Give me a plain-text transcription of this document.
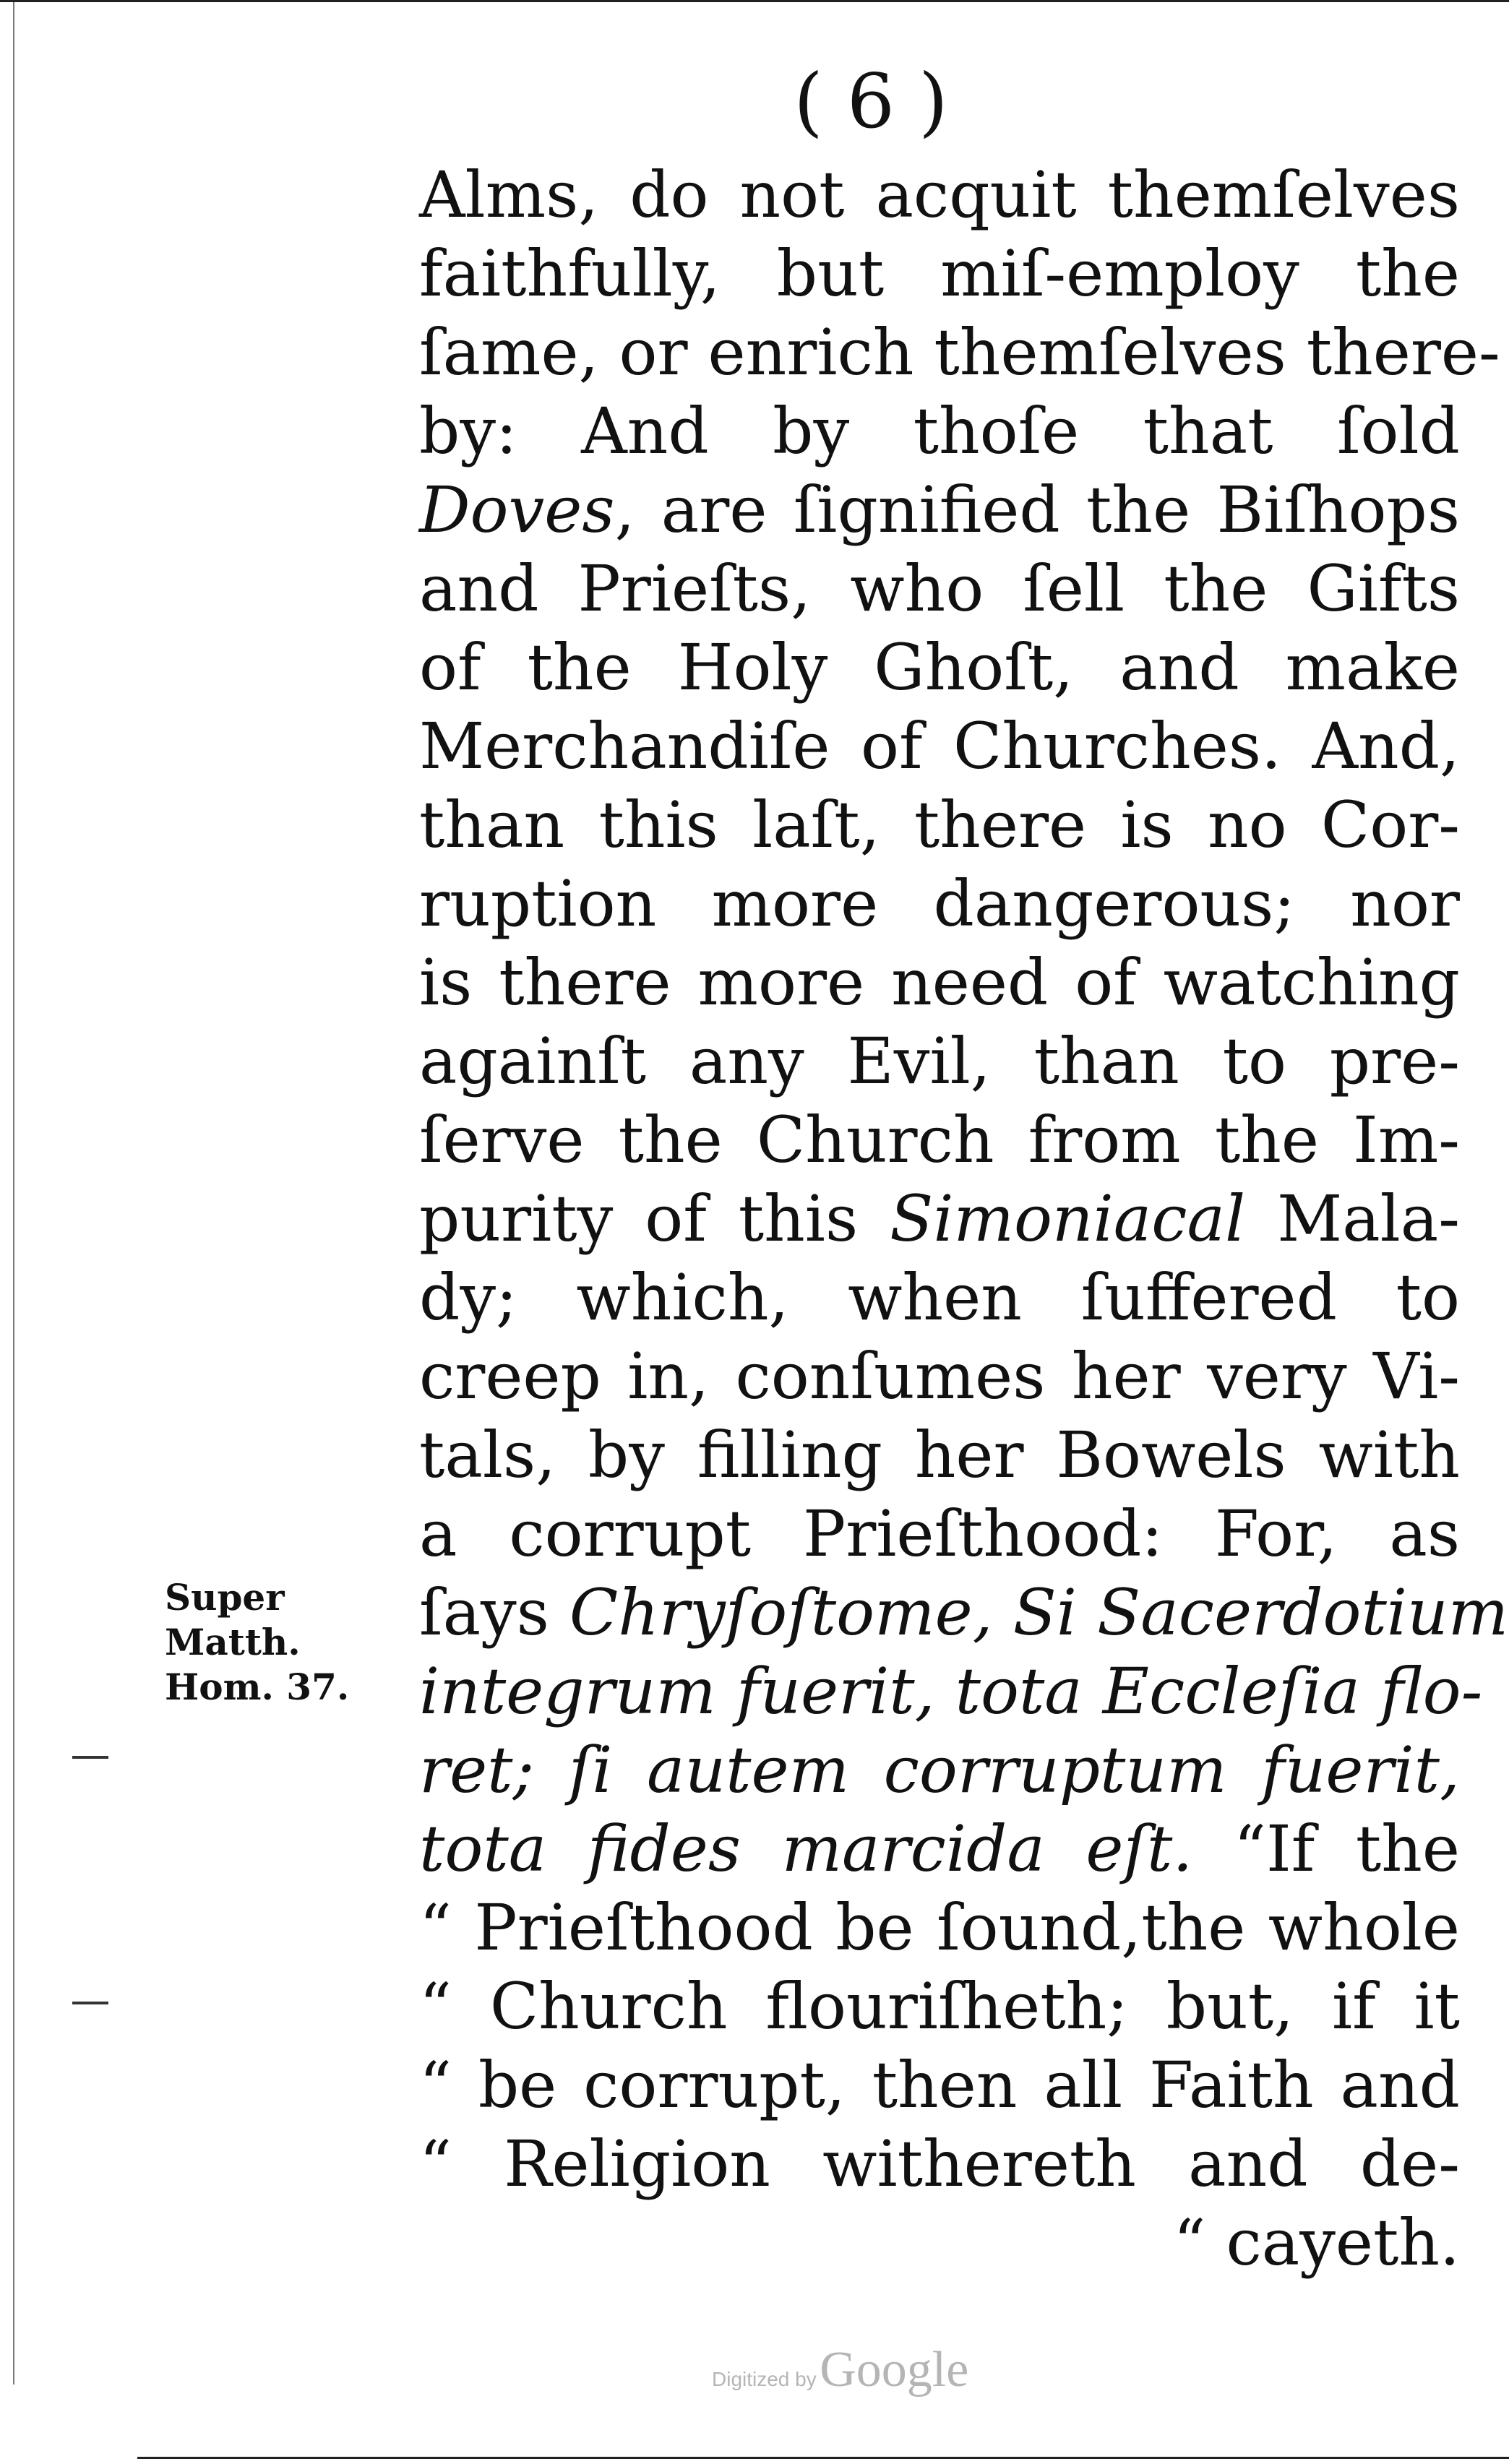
( 6 )
Alms, do not acquit themſelves
faithfully, but miſ-employ the
ſame, or enrich themſelves there-
by: And by thoſe that ſold
Doves, are ſignified the Biſhops
and Prieſts, who ſell the Gifts
of the Holy Ghoſt, and make
Merchandiſe of Churches. And,
than this laſt, there is no Cor-
ruption more dangerous; nor
is there more need of watching
againſt any Evil, than to pre-
ſerve the Church from the Im-
purity of this Simoniacal Mala-
dy; which, when ſuffered to
creep in, conſumes her very Vi-
tals, by filling her Bowels with
a corrupt Prieſthood: For, as
ſays Chryſoſtome, Si Sacerdotium
integrum fuerit, tota Eccleſia flo-
ret; ſi autem corruptum fuerit,
tota fides marcida eſt. “If the
“ Prieſthood be ſound,the whole
“ Church flouriſheth; but, if it
“ be corrupt, then all Faith and
“ Religion withereth and de-
“ cayeth.
Super
Matth.
Hom. 37.
Digitized by Google
